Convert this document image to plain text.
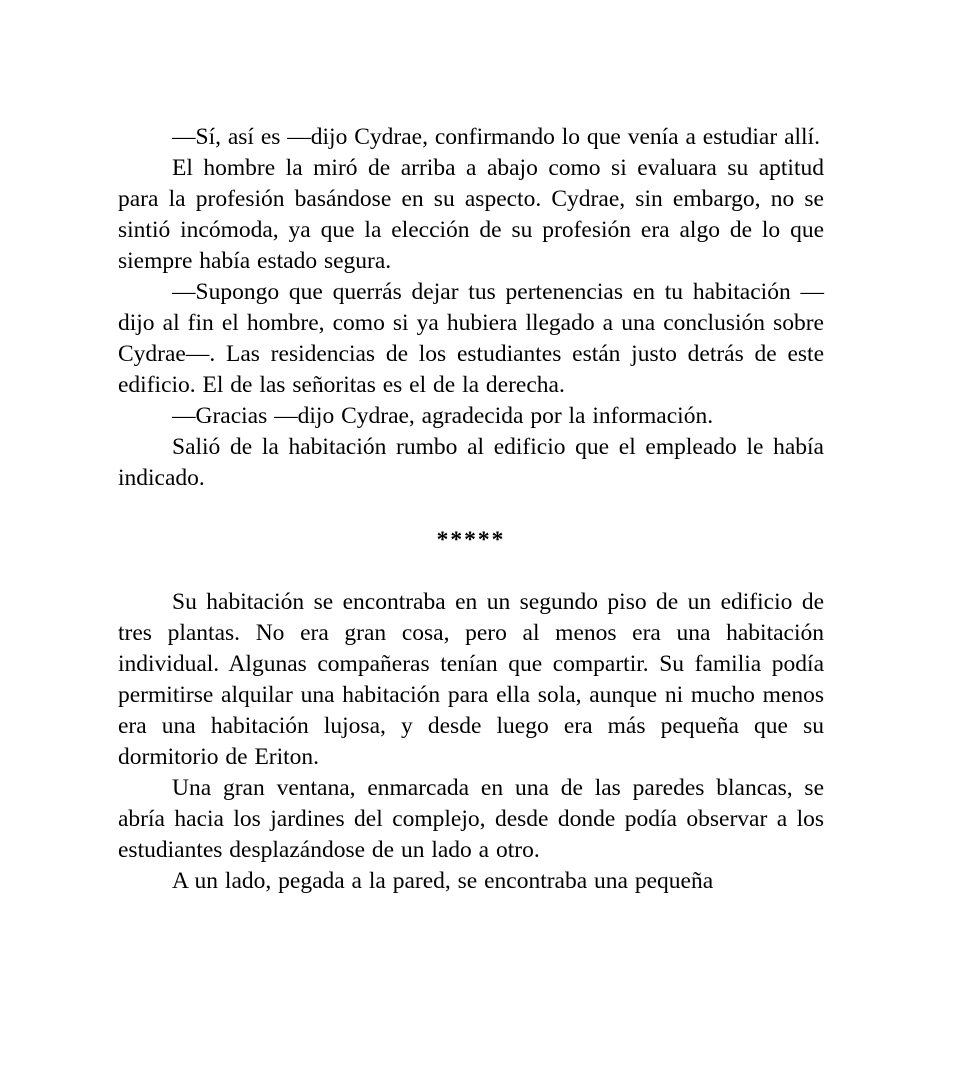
—Sí, así es —dijo Cydrae, confirmando lo que venía a estudiar allí.

El hombre la miró de arriba a abajo como si evaluara su aptitud para la profesión basándose en su aspecto. Cydrae, sin embargo, no se sintió incómoda, ya que la elección de su profesión era algo de lo que siempre había estado segura.

—Supongo que querrás dejar tus pertenencias en tu habitación —dijo al fin el hombre, como si ya hubiera llegado a una conclusión sobre Cydrae—. Las residencias de los estudiantes están justo detrás de este edificio. El de las señoritas es el de la derecha.

—Gracias —dijo Cydrae, agradecida por la información.

Salió de la habitación rumbo al edificio que el empleado le había indicado.

*****

Su habitación se encontraba en un segundo piso de un edificio de tres plantas. No era gran cosa, pero al menos era una habitación individual. Algunas compañeras tenían que compartir. Su familia podía permitirse alquilar una habitación para ella sola, aunque ni mucho menos era una habitación lujosa, y desde luego era más pequeña que su dormitorio de Eriton.

Una gran ventana, enmarcada en una de las paredes blancas, se abría hacia los jardines del complejo, desde donde podía observar a los estudiantes desplazándose de un lado a otro.

A un lado, pegada a la pared, se encontraba una pequeña
